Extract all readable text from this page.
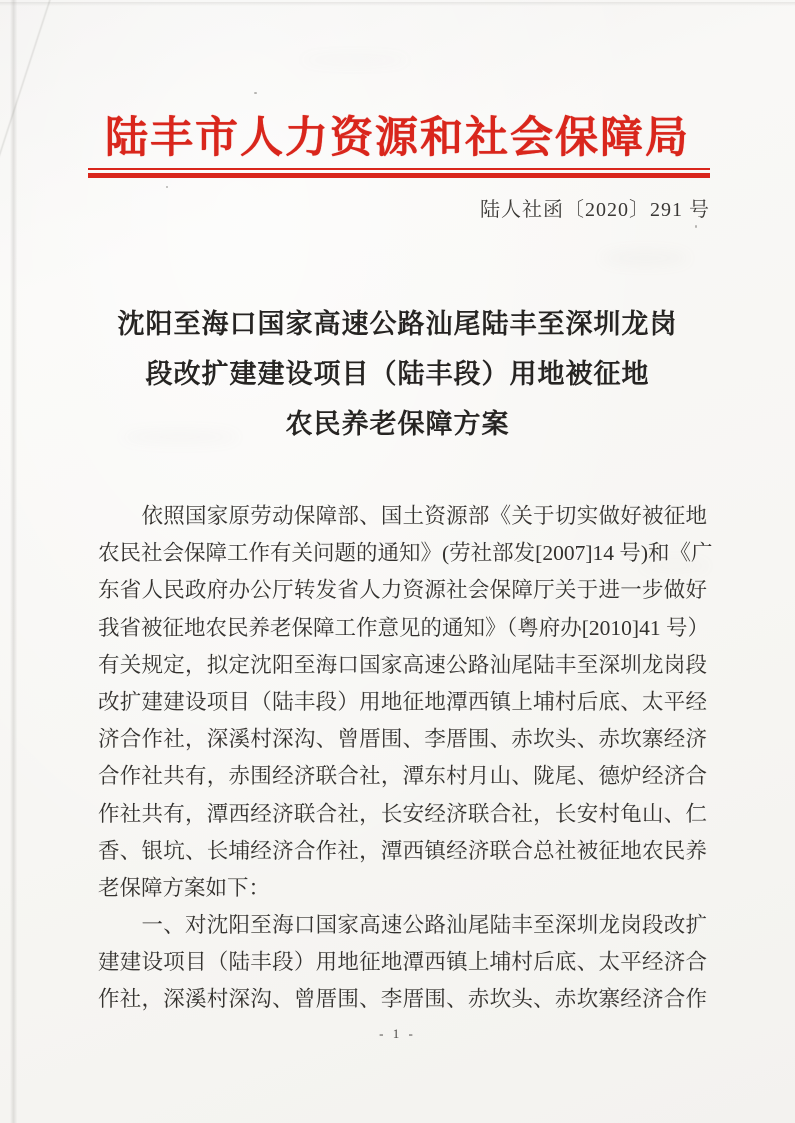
陆丰市人力资源和社会保障局
陆人社函〔2020〕291 号
沈阳至海口国家高速公路汕尾陆丰至深圳龙岗
段改扩建建设项目（陆丰段）用地被征地
农民养老保障方案
　　依照国家原劳动保障部、国土资源部《关于切实做好被征地
农民社会保障工作有关问题的通知》(劳社部发[2007]14 号)和《广
东省人民政府办公厅转发省人力资源社会保障厅关于进一步做好
我省被征地农民养老保障工作意见的通知》（粤府办[2010]41 号）
有关规定，拟定沈阳至海口国家高速公路汕尾陆丰至深圳龙岗段
改扩建建设项目（陆丰段）用地征地潭西镇上埔村后底、太平经
济合作社，深溪村深沟、曾厝围、李厝围、赤坎头、赤坎寨经济
合作社共有，赤围经济联合社，潭东村月山、陇尾、德炉经济合
作社共有，潭西经济联合社，长安经济联合社，长安村龟山、仁
香、银坑、长埔经济合作社，潭西镇经济联合总社被征地农民养
老保障方案如下：
　　一、对沈阳至海口国家高速公路汕尾陆丰至深圳龙岗段改扩
建建设项目（陆丰段）用地征地潭西镇上埔村后底、太平经济合
作社，深溪村深沟、曾厝围、李厝围、赤坎头、赤坎寨经济合作
- 1 -
